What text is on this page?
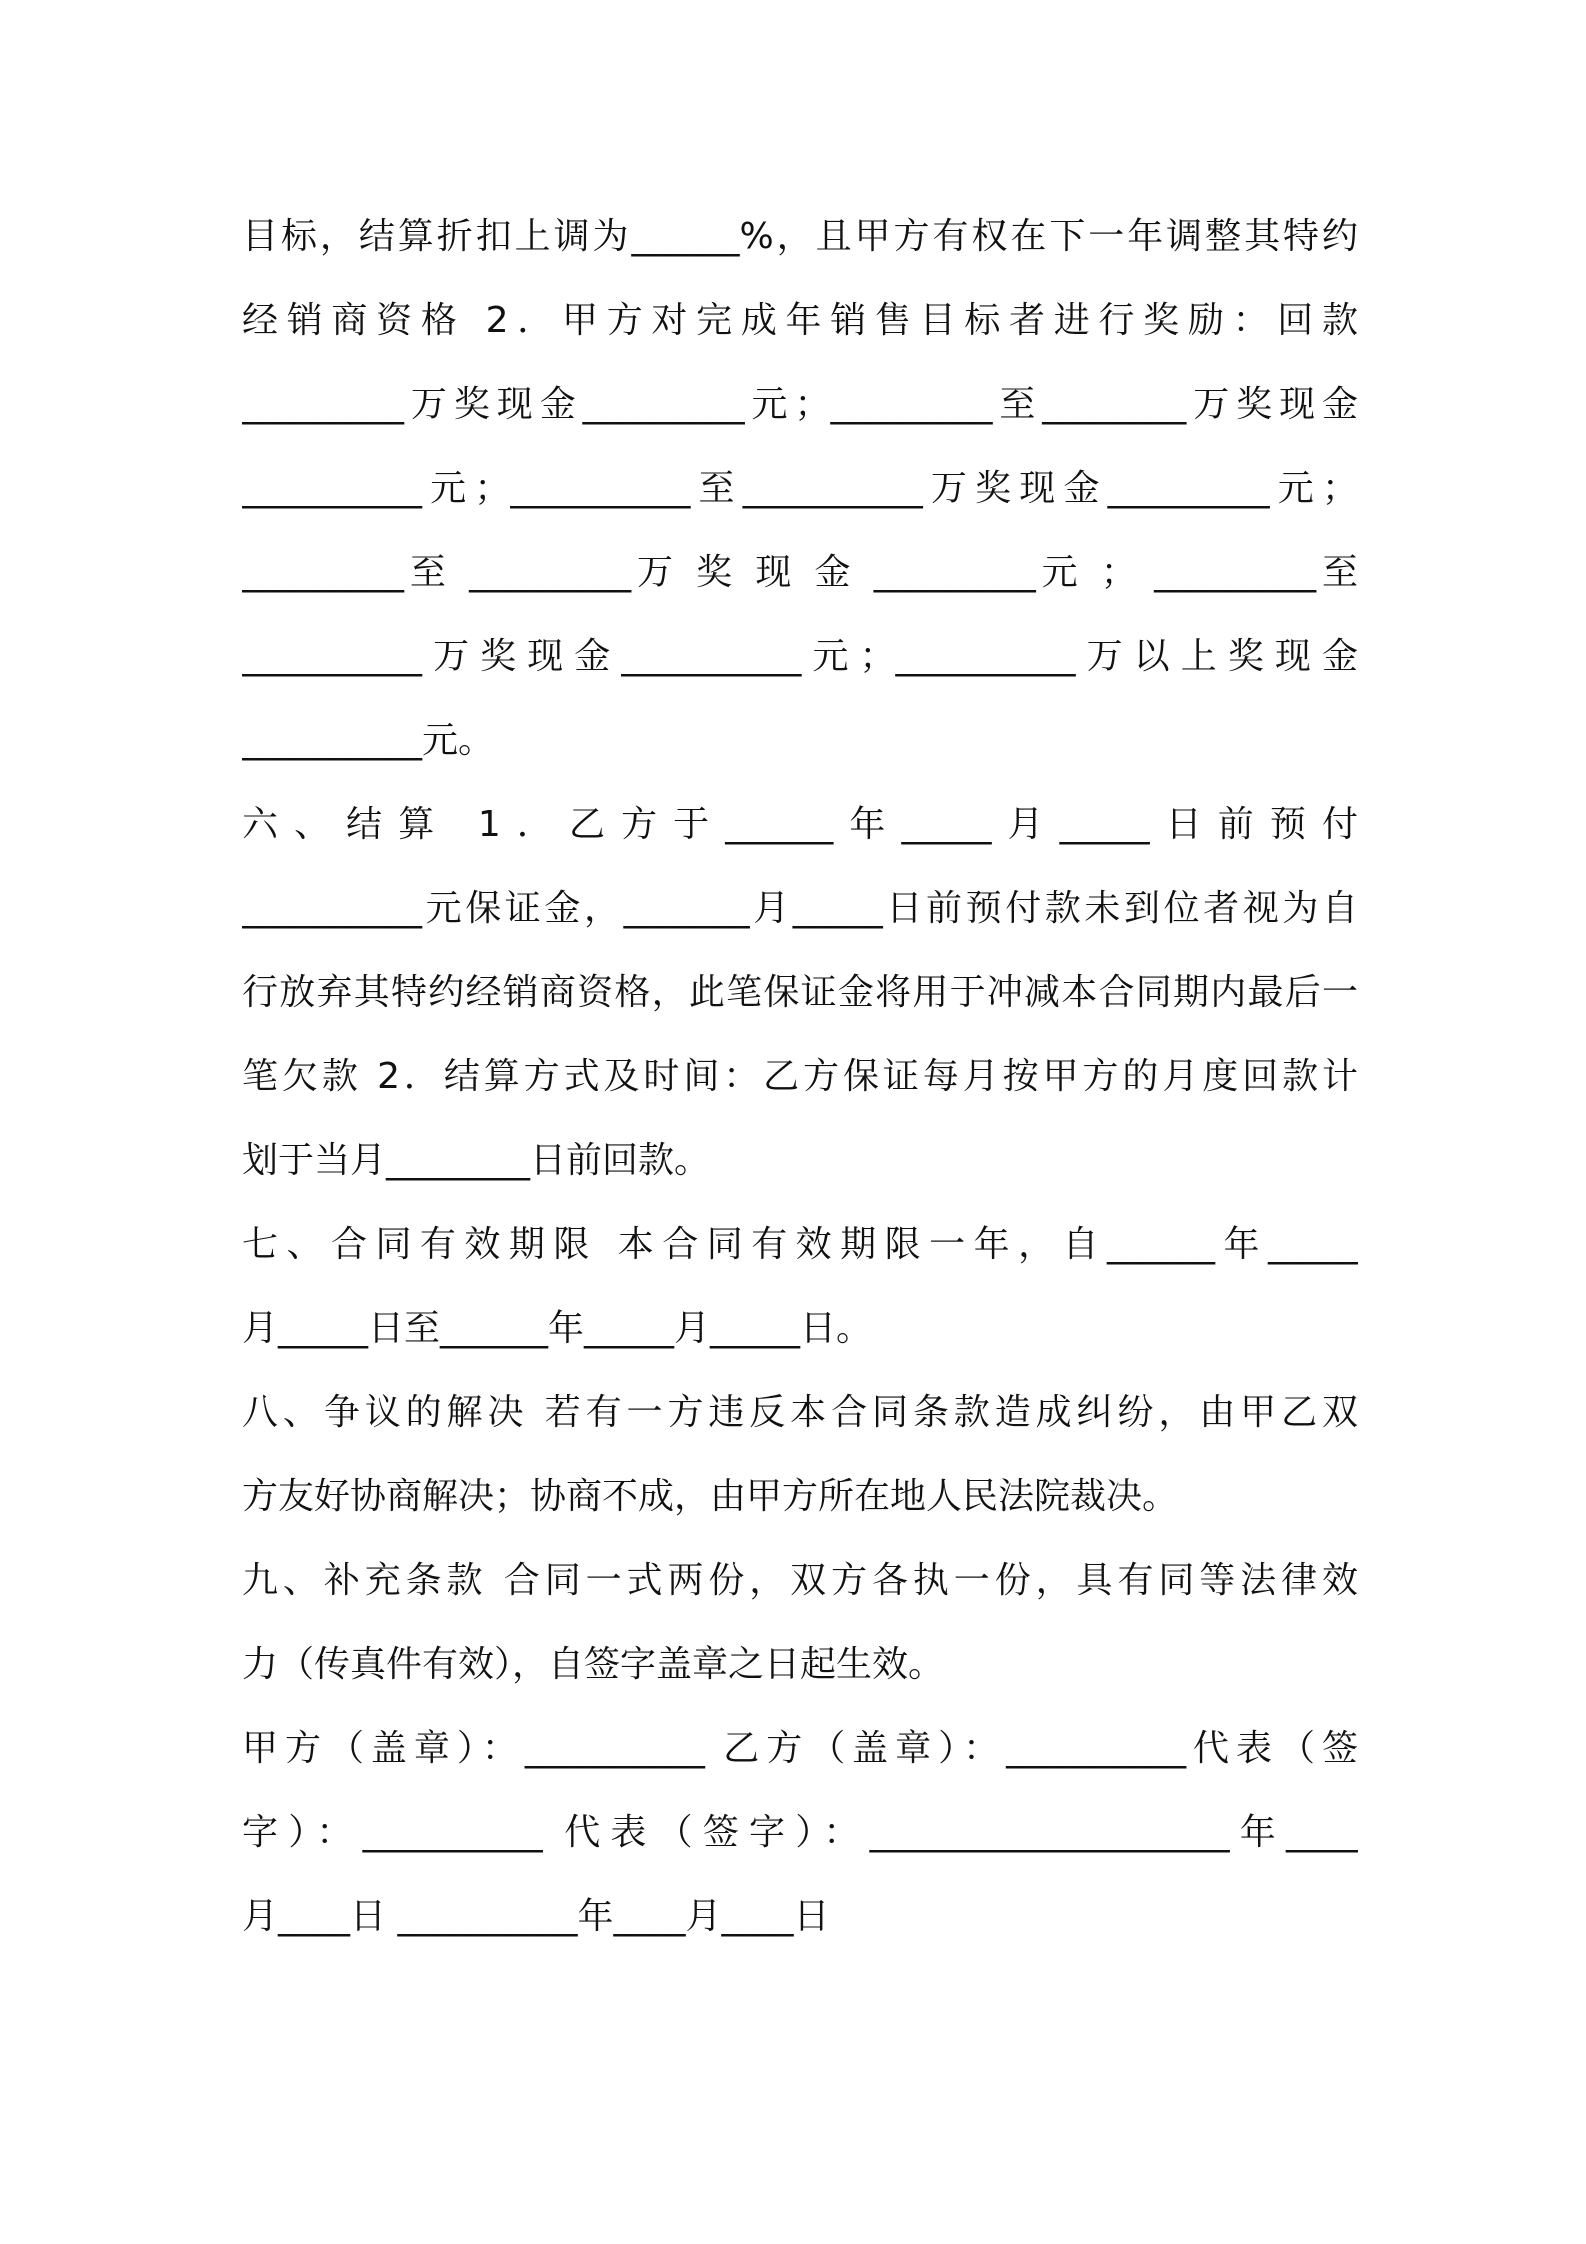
目标，结算折扣上调为______%，且甲方有权在下一年调整其特约
经销商资格 2．甲方对完成年销售目标者进行奖励：回款
_________万奖现金_________元；_________至________万奖现金
__________元；__________至__________万奖现金_________元；
_________至 _________万 奖 现 金 _________元 ； _________至
__________万奖现金__________元；__________万以上奖现金
__________元。
六、结算 1．乙方于______年_____月_____日前预付
__________元保证金，_______月_____日前预付款未到位者视为自
行放弃其特约经销商资格，此笔保证金将用于冲减本合同期内最后一
笔欠款 2．结算方式及时间：乙方保证每月按甲方的月度回款计
划于当月________日前回款。
七、合同有效期限 本合同有效期限一年，自______年_____
月_____日至______年_____月_____日。
八、争议的解决 若有一方违反本合同条款造成纠纷，由甲乙双
方友好协商解决；协商不成，由甲方所在地人民法院裁决。
九、补充条款 合同一式两份，双方各执一份，具有同等法律效
力（传真件有效），自签字盖章之日起生效。
甲方（盖章）：__________ 乙方（盖章）：__________代表（签
字）：__________ 代表（签字）：____________________年____
月____日 __________年____月____日
